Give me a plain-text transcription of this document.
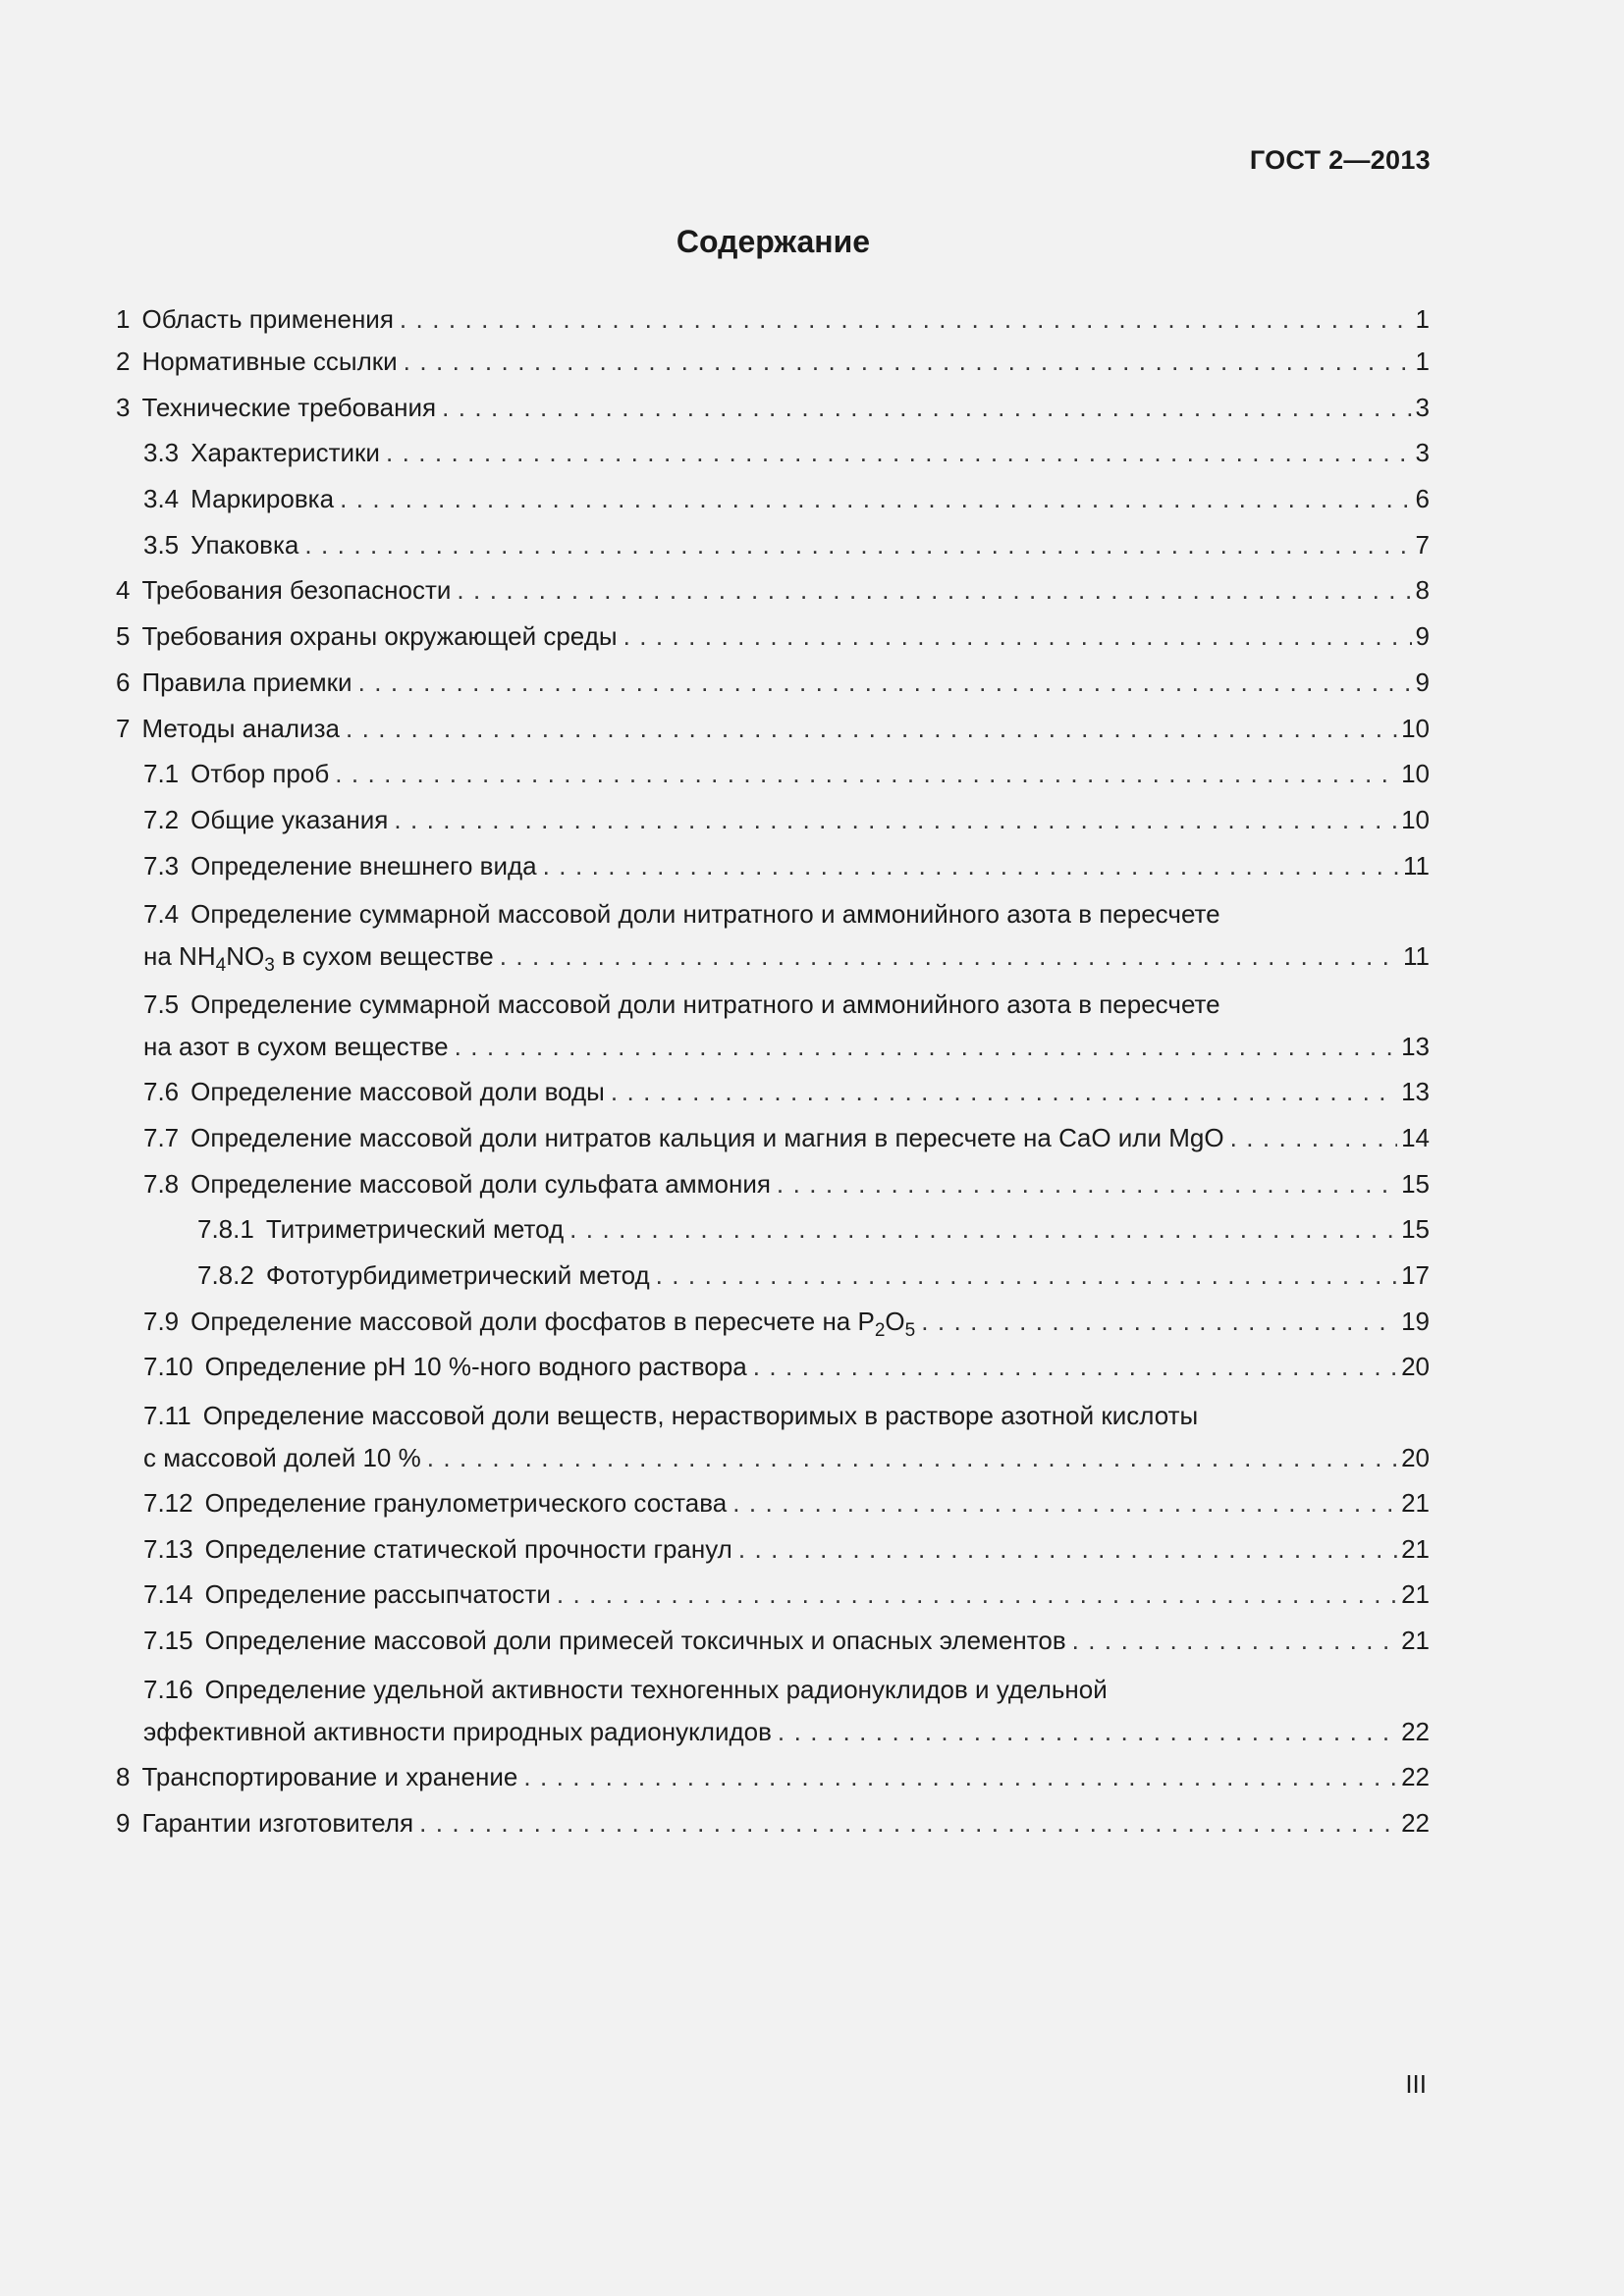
ГОСТ 2—2013
Содержание
1 Область применения . . .	1
2 Нормативные ссылки . . .	1
3 Технические требования . . .	3
3.3 Характеристики . . .	3
3.4 Маркировка . . .	6
3.5 Упаковка . . .	7
4 Требования безопасности . . .	8
5 Требования охраны окружающей среды . . .	9
6 Правила приемки . . .	9
7 Методы анализа . . .	10
7.1 Отбор проб . . .	10
7.2 Общие указания . . .	10
7.3 Определение внешнего вида . . .	11
7.4 Определение суммарной массовой доли нитратного и аммонийного азота в пересчете
на $NH_4NO_3$ в сухом веществе . . .	11
7.5 Определение суммарной массовой доли нитратного и аммонийного азота в пересчете
на азот в сухом веществе . . .	13
7.6 Определение массовой доли воды . . .	13
7.7 Определение массовой доли нитратов кальция и магния в пересчете на CaO или MgO . . .	14
7.8 Определение массовой доли сульфата аммония . . .	15
7.8.1 Титриметрический метод . . .	15
7.8.2 Фототурбидиметрический метод . . .	17
7.9 Определение массовой доли фосфатов в пересчете на $P_2O_5$ . . .	19
7.10 Определение pH 10 %-ного водного раствора . . .	20
7.11 Определение массовой доли веществ, нерастворимых в растворе азотной кислоты
с массовой долей 10 % . . .	20
7.12 Определение гранулометрического состава . . .	21
7.13 Определение статической прочности гранул . . .	21
7.14 Определение рассыпчатости . . .	21
7.15 Определение массовой доли примесей токсичных и опасных элементов . . .	21
7.16 Определение удельной активности техногенных радионуклидов и удельной
эффективной активности природных радионуклидов . . .	22
8 Транспортирование и хранение . . .	22
9 Гарантии изготовителя . . .	22
III
